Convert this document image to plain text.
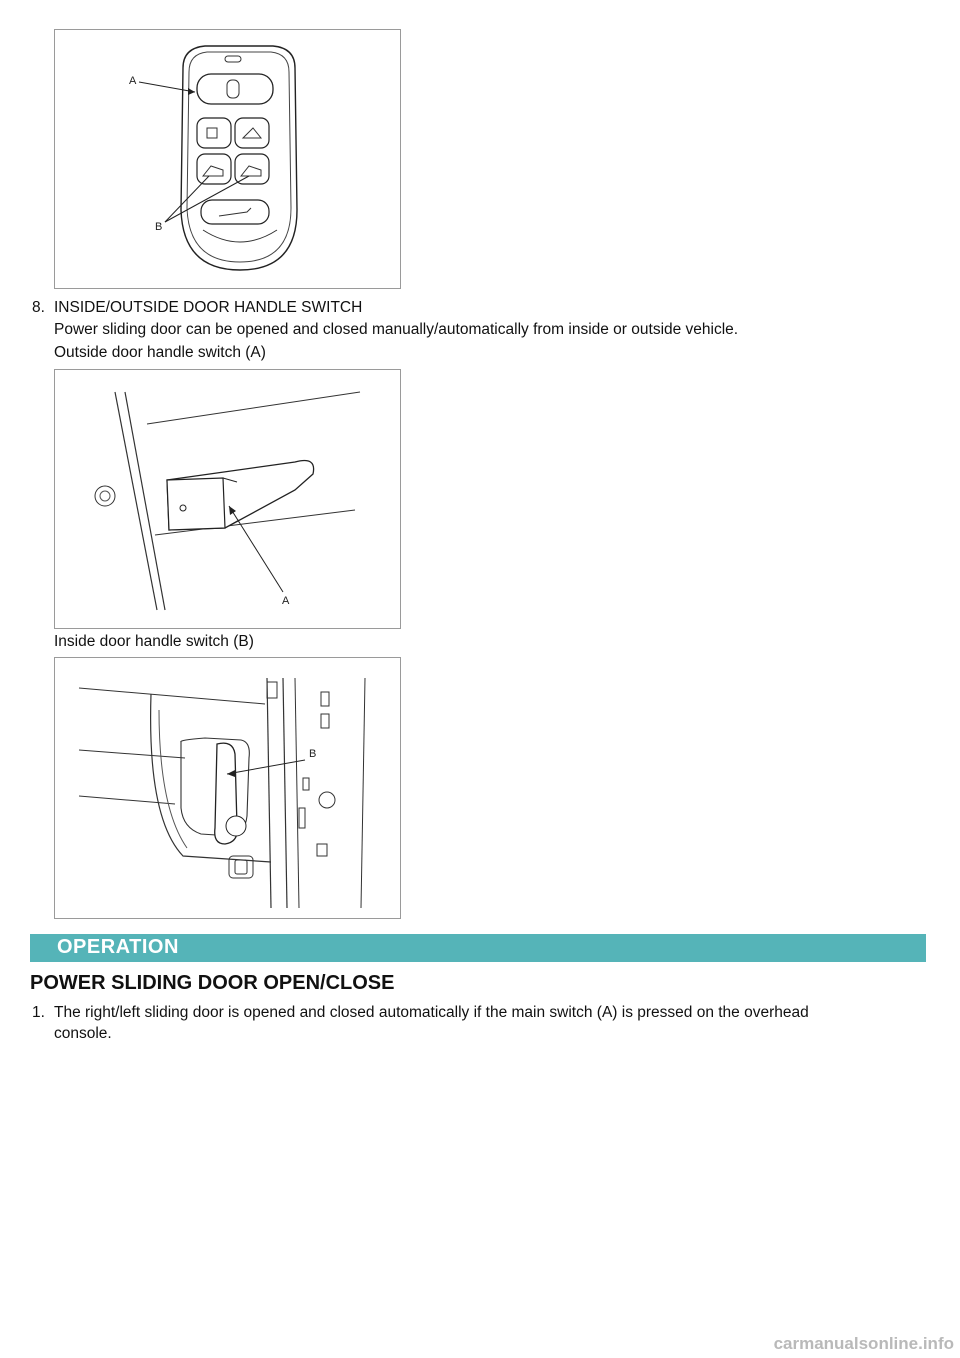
A
B
8. INSIDE/OUTSIDE DOOR HANDLE SWITCH
Power sliding door can be opened and closed manually/automatically from inside or outside vehicle.
Outside door handle switch (A)
A
Inside door handle switch (B)
B
OPERATION
POWER SLIDING DOOR OPEN/CLOSE
1. The right/left sliding door is opened and closed automatically if the main switch (A) is pressed on the overhead
console.
carmanualsonline.info
